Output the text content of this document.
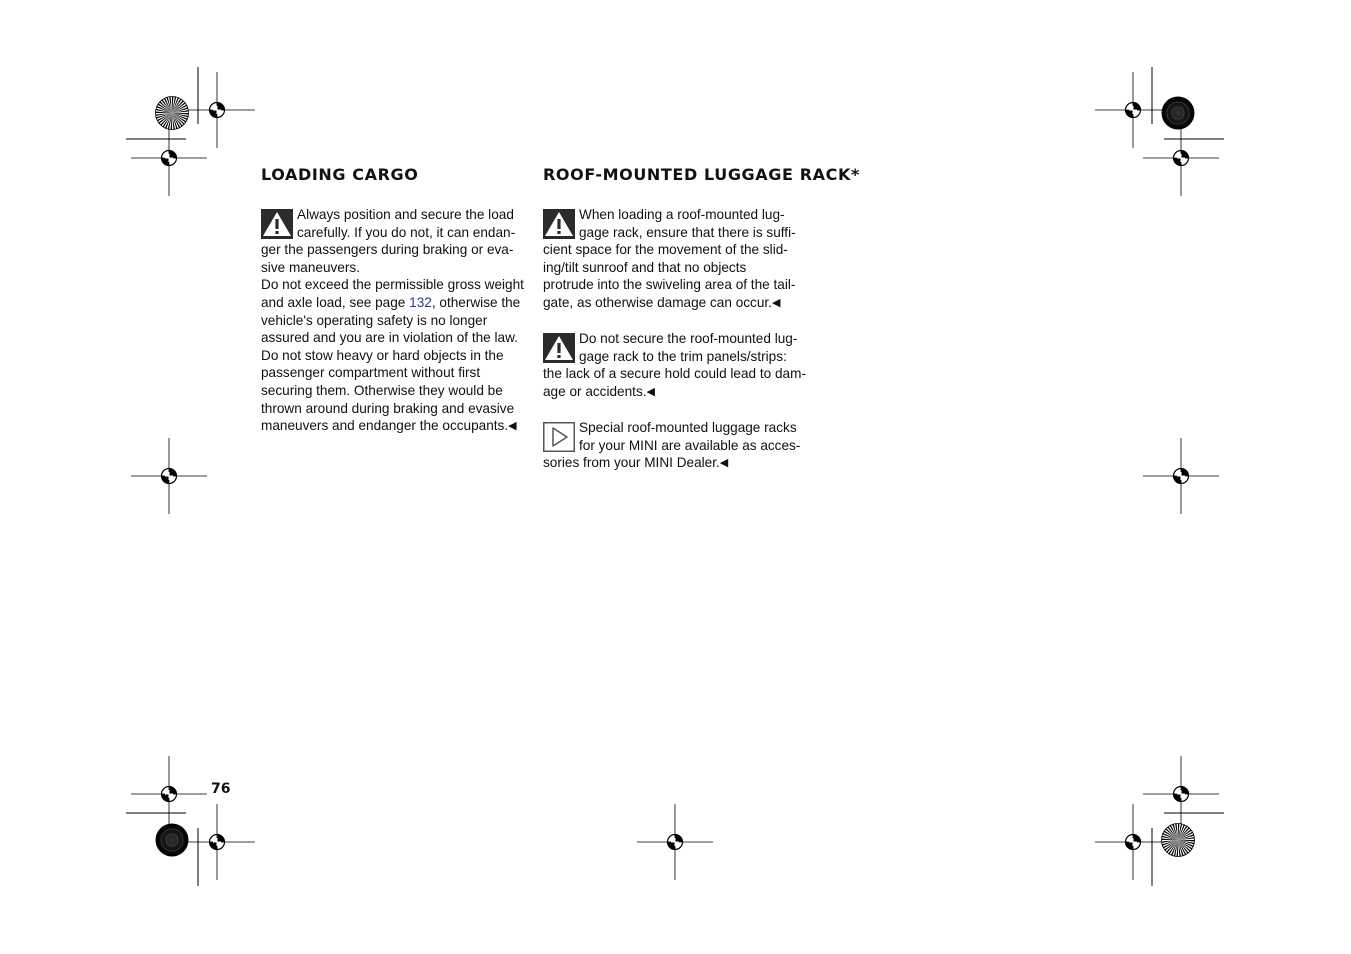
LOADING CARGO

Always position and secure the load
carefully. If you do not, it can endan-
ger the passengers during braking or eva-
sive maneuvers.

Do not exceed the permissible gross weight
and axle load, see page 132, otherwise the
vehicle's operating safety is no longer
assured and you are in violation of the law.
Do not stow heavy or hard objects in the
passenger compartment without first
securing them. Otherwise they would be
thrown around during braking and evasive
maneuvers and endanger the occupants.◀
ROOF-MOUNTED LUGGAGE RACK*

When loading a roof-mounted lug-
gage rack, ensure that there is suffi-
cient space for the movement of the slid-
ing/tilt sunroof and that no objects
protrude into the swiveling area of the tail-
gate, as otherwise damage can occur.◀

Do not secure the roof-mounted lug-
gage rack to the trim panels/strips:
the lack of a secure hold could lead to dam-
age or accidents.◀

Special roof-mounted luggage racks
for your MINI are available as acces-
sories from your MINI Dealer.◀

76
